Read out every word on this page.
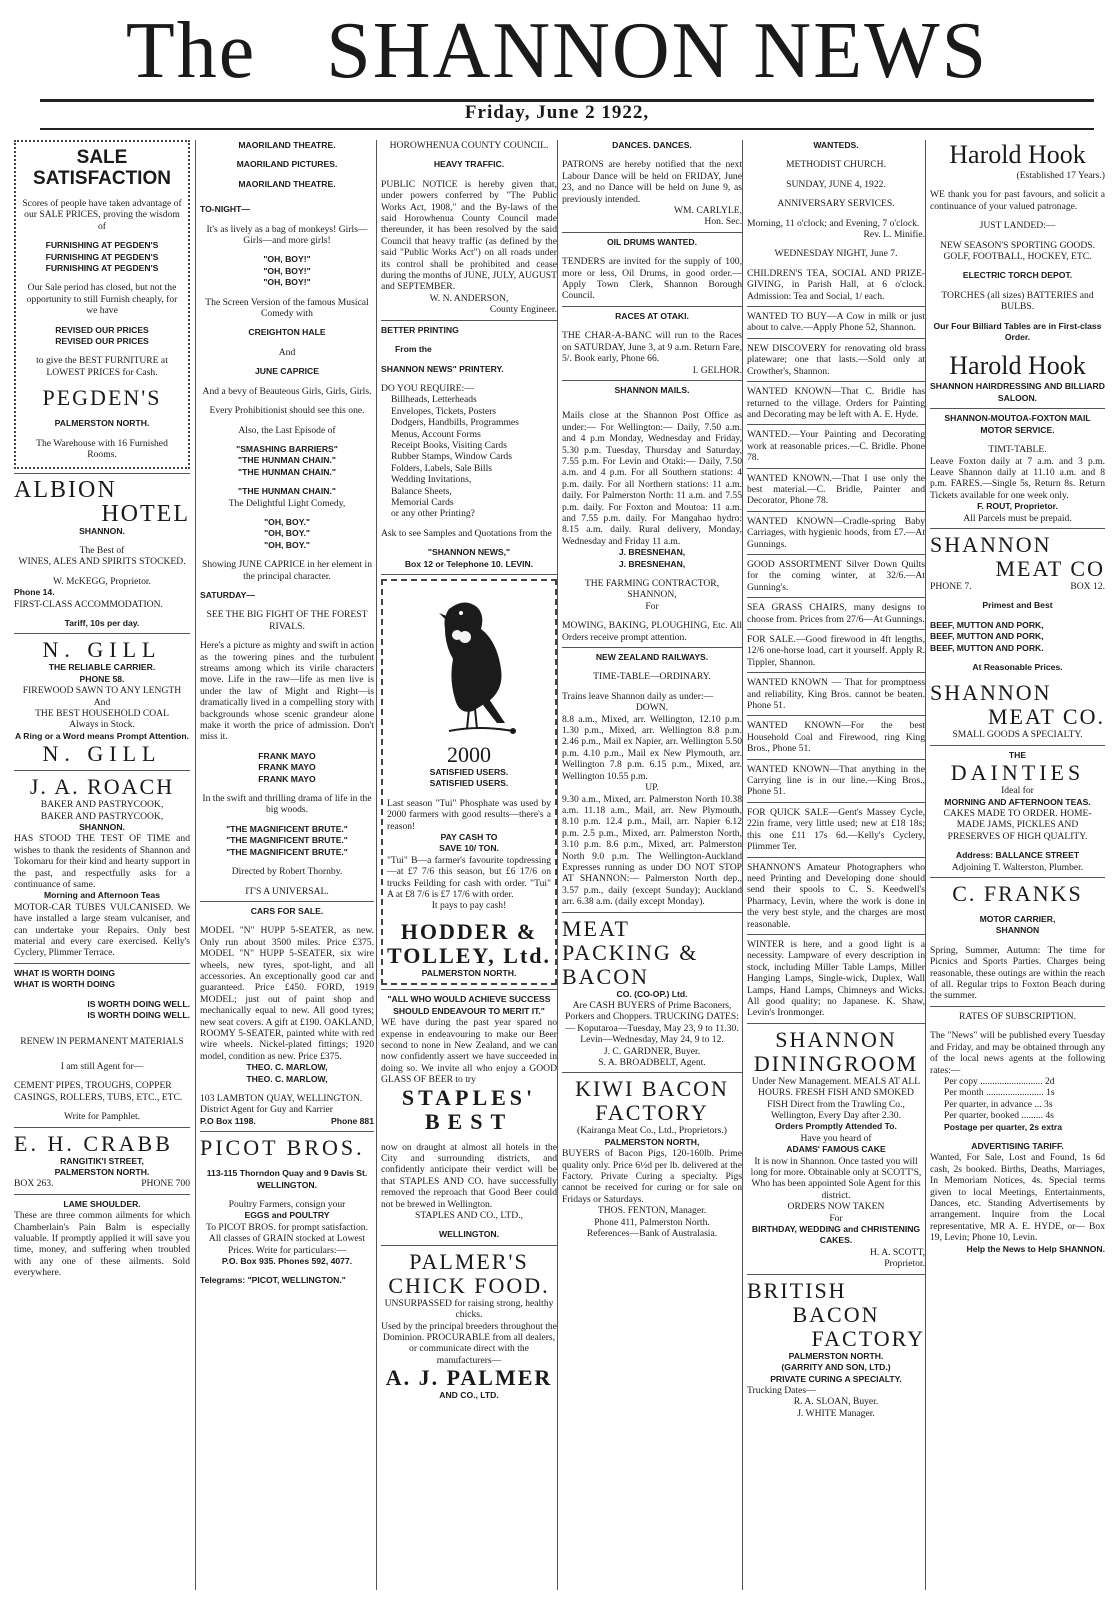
The SHANNON NEWS
Friday, June 2 1922,

SALE

SATISFACTION

Scores of people have taken advantage of our SALE PRICES, proving the wisdom of

FURNISHING AT PEGDEN'S

FURNISHING AT PEGDEN'S

FURNISHING AT PEGDEN'S

Our Sale period has closed, but not the opportunity to still Furnish cheaply, for we have

REVISED OUR PRICES

REVISED OUR PRICES

to give the BEST FURNITURE at LOWEST PRICES for Cash.

PEGDEN'S

PALMERSTON NORTH.

The Warehouse with 16 Furnished Rooms.

ALBION

HOTEL

SHANNON.

The Best of

WINES, ALES AND SPIRITS STOCKED.

W. McKEGG, Proprietor.

Phone 14.

FIRST-CLASS ACCOMMODATION.

Tariff, 10s per day.

N. GILL

THE RELIABLE CARRIER.

PHONE 58.

FIREWOOD SAWN TO ANY LENGTH

And

THE BEST HOUSEHOLD COAL

Always in Stock.

A Ring or a Word means Prompt Attention.

N. GILL

J. A. ROACH

BAKER AND PASTRYCOOK,

BAKER AND PASTRYCOOK,

SHANNON.

HAS STOOD THE TEST OF TIME and wishes to thank the residents of Shannon and Tokomaru for their kind and hearty support in the past, and respectfully asks for a continuance of same.

Morning and Afternoon Teas

MOTOR-CAR TUBES VULCANISED. We have installed a large steam vulcaniser, and can undertake your Repairs. Only best material and every care exercised. Kelly's Cyclery, Plimmer Terrace.

WHAT IS WORTH DOING

WHAT IS WORTH DOING

IS WORTH DOING WELL.

IS WORTH DOING WELL.

RENEW IN PERMANENT MATERIALS

I am still Agent for—

CEMENT PIPES, TROUGHS, COPPER CASINGS, ROLLERS, TUBS, ETC., ETC.

Write for Pamphlet.

E. H. CRABB

RANGITIK'I STREET,

PALMERSTON NORTH.

BOX 263.	PHONE 700

LAME SHOULDER.

These are three common ailments for which Chamberlain's Pain Balm is especially valuable. If promptly applied it will save you time, money, and suffering when troubled with any one of these ailments. Sold everywhere.

MAORILAND THEATRE.

MAORILAND PICTURES.

MAORILAND THEATRE.

TO-NIGHT—

It's as lively as a bag of monkeys! Girls—Girls—and more girls!

"OH, BOY!"

"OH, BOY!"

"OH, BOY!"

The Screen Version of the famous Musical Comedy with

CREIGHTON HALE

And

JUNE CAPRICE

And a bevy of Beauteous Girls, Girls, Girls.

Every Prohibitionist should see this one.

Also, the Last Episode of

"SMASHING BARRIERS"

"THE HUNMAN CHAIN."

"THE HUNMAN CHAIN."

"THE HUNMAN CHAIN."

The Delightful Light Comedy,

"OH, BOY."

"OH, BOY."

"OH, BOY."

Showing JUNE CAPRICE in her element in the principal character.

SATURDAY—

SEE THE BIG FIGHT OF THE FOREST RIVALS.

Here's a picture as mighty and swift in action as the towering pines and the turbulent streams among which its virile characters move. Life in the raw—life as men live is under the law of Might and Right—is dramatically lived in a compelling story with backgrounds whose scenic grandeur alone make it worth the price of admission. Don't miss it.

FRANK MAYO

FRANK MAYO

FRANK MAYO

In the swift and thrilling drama of life in the big woods.

"THE MAGNIFICENT BRUTE."

"THE MAGNIFICENT BRUTE."

"THE MAGNIFICENT BRUTE."

Directed by Robert Thornby.

IT'S A UNIVERSAL.

CARS FOR SALE.

MODEL "N" HUPP 5-SEATER, as new. Only run about 3500 miles. Price £375. MODEL "N" HUPP 5-SEATER, six wire wheels, new tyres, spot-light, and all accessories. An exceptionally good car and guaranteed. Price £450. FORD, 1919 MODEL; just out of paint shop and mechanically equal to new. All good tyres; new seat covers. A gift at £190. OAKLAND, ROOMY 5-SEATER, painted white with red wire wheels. Nickel-plated fittings; 1920 model, condition as new. Price £375.

THEO. C. MARLOW,

THEO. C. MARLOW,

103 LAMBTON QUAY, WELLINGTON. District Agent for Guy and Karrier

P.O Box 1198.	Phone 881

PICOT BROS.

113-115 Thorndon Quay and 9 Davis St. WELLINGTON.

Poultry Farmers, consign your

EGGS and POULTRY

To PICOT BROS. for prompt satisfaction. All classes of GRAIN stocked at Lowest Prices. Write for particulars:—

P.O. Box 935. Phones 592, 4077.

Telegrams: "PICOT, WELLINGTON."

HOROWHENUA COUNTY COUNCIL.

HEAVY TRAFFIC.

PUBLIC NOTICE is hereby given that, under powers conferred by "The Public Works Act, 1908," and the By-laws of the said Horowhenua County Council made thereunder, it has been resolved by the said Council that heavy traffic (as defined by the said "Public Works Act") on all roads under its control shall be prohibited and cease during the months of JUNE, JULY, AUGUST and SEPTEMBER.

W. N. ANDERSON,

County Engineer.

BETTER PRINTING

From the

SHANNON NEWS" PRINTERY.

DO YOU REQUIRE:—

Billheads, Letterheads

Envelopes, Tickets, Posters

Dodgers, Handbills, Programmes

Menus, Account Forms

Receipt Books, Visiting Cards

Rubber Stamps, Window Cards

Folders, Labels, Sale Bills

Wedding Invitations,

Balance Sheets,

Memorial Cards

or any other Printing?

Ask to see Samples and Quotations from the

"SHANNON NEWS,"

Box 12 or Telephone 10. LEVIN.

2000

SATISFIED USERS.

SATISFIED USERS.

Last season "Tui" Phosphate was used by 2000 farmers with good results—there's a reason!

PAY CASH TO

SAVE 10/ TON.

"Tui" B—a farmer's favourite topdressing—at £7 7/6 this season, but £6 17/6 on trucks Feilding for cash with order. "Tui" A at £8 7/6 is £7 17/6 with order.

It pays to pay cash!

HODDER &

TOLLEY, Ltd.

PALMERSTON NORTH.

"ALL WHO WOULD ACHIEVE SUCCESS SHOULD ENDEAVOUR TO MERIT IT."

WE have during the past year spared no expense in endeavouring to make our Beer second to none in New Zealand, and we can now confidently assert we have succeeded in doing so. We invite all who enjoy a GOOD GLASS OF BEER to try

STAPLES'

BEST

now on draught at almost all hotels in the City and surrounding districts, and confidently anticipate their verdict will be that STAPLES AND CO. have successfully removed the reproach that Good Beer could not be brewed in Wellington.

STAPLES AND CO., LTD.,

WELLINGTON.

PALMER'S

CHICK FOOD.

UNSURPASSED for raising strong, healthy chicks.

Used by the principal breeders throughout the Dominion. PROCURABLE from all dealers, or communicate direct with the manufacturers—

A. J. PALMER

AND CO., LTD.

DANCES. DANCES.

PATRONS are hereby notified that the next Labour Dance will be held on FRIDAY, June 23, and no Dance will be held on June 9, as previously intended.

WM. CARLYLE,

Hon. Sec.

OIL DRUMS WANTED.

TENDERS are invited for the supply of 100, more or less, Oil Drums, in good order.—Apply Town Clerk, Shannon Borough Council.

RACES AT OTAKI.

THE CHAR-A-BANC will run to the Races on SATURDAY, June 3, at 9 a.m. Return Fare, 5/. Book early, Phone 66.

I. GELHOR.

SHANNON MAILS.

Mails close at the Shannon Post Office as under:— For Wellington:— Daily, 7.50 a.m. and 4 p.m Monday, Wednesday and Friday, 5.30 p.m. Tuesday, Thursday and Saturday, 7.55 p.m. For Levin and Otaki:— Daily, 7.50 a.m. and 4 p.m. For all Southern stations: 4 p.m. daily. For all Northern stations: 11 a.m. daily. For Palmerston North: 11 a.m. and 7.55 p.m. daily. For Foxton and Moutoa: 11 a.m. and 7.55 p.m. daily. For Mangahao hydro: 8.15 a.m. daily. Rural delivery, Monday, Wednesday and Friday 11 a.m.

J. BRESNEHAN,

J. BRESNEHAN,

THE FARMING CONTRACTOR, SHANNON,

For

MOWING, BAKING, PLOUGHING, Etc. All Orders receive prompt attention.

NEW ZEALAND RAILWAYS.

TIME-TABLE—ORDINARY.

Trains leave Shannon daily as under:—

DOWN.

8.8 a.m., Mixed, arr. Wellington, 12.10 p.m. 1.30 p.m., Mixed, arr. Wellington 8.8 p.m. 2.46 p.m., Mail ex Napier, arr. Wellington 5.50 p.m. 4.10 p.m., Mail ex New Plymouth, arr. Wellington 7.8 p.m. 6.15 p.m., Mixed, arr. Wellington 10.55 p.m.

UP.

9.30 a.m., Mixed, arr. Palmerston North 10.38 a.m. 11.18 a.m., Mail, arr. New Plymouth, 8.10 p.m. 12.4 p.m., Mail, arr. Napier 6.12 p.m. 2.5 p.m., Mixed, arr. Palmerston North, 3.10 p.m. 8.6 p.m., Mixed, arr. Palmerston North 9.0 p.m. The Wellington-Auckland Expresses running as under DO NOT STOP AT SHANNON:— Palmerston North dep., 3.57 p.m., daily (except Sunday); Auckland arr. 6.38 a.m. (daily except Monday).

MEAT PACKING & BACON

CO. (CO-OP.) Ltd.

Are CASH BUYERS of Prime Baconers, Porkers and Choppers. TRUCKING DATES:— Koputaroa—Tuesday, May 23, 9 to 11.30. Levin—Wednesday, May 24, 9 to 12.

J. C. GARDNER, Buyer.

S. A. BROADBELT, Agent.

KIWI BACON

FACTORY

(Kairanga Meat Co., Ltd., Proprietors.)

PALMERSTON NORTH,

BUYERS of Bacon Pigs, 120-160lb. Prime quality only. Price 6½d per lb. delivered at the Factory. Private Curing a specialty. Pigs cannot be received for curing or for sale on Fridays or Saturdays.

THOS. FENTON, Manager.

Phone 411, Palmerston North.

References—Bank of Australasia.

WANTEDS.

METHODIST CHURCH.

SUNDAY, JUNE 4, 1922.

ANNIVERSARY SERVICES.

Morning, 11 o'clock; and Evening, 7 o'clock.

Rev. L. Minifie.

WEDNESDAY NIGHT, June 7.

CHILDREN'S TEA, SOCIAL AND PRIZE-GIVING, in Parish Hall, at 6 o'clock. Admission: Tea and Social, 1/ each.

WANTED TO BUY—A Cow in milk or just about to calve.—Apply Phone 52, Shannon.

NEW DISCOVERY for renovating old brass plateware; one that lasts.—Sold only at Crowther's, Shannon.

WANTED KNOWN—That C. Bridle has returned to the village. Orders for Painting and Decorating may be left with A. E. Hyde.

WANTED.—Your Painting and Decorating work at reasonable prices.—C. Bridle. Phone 78.

WANTED KNOWN.—That I use only the best material.—C. Bridle, Painter and Decorator, Phone 78.

WANTED KNOWN—Cradle-spring Baby Carriages, with hygienic hoods, from £7.—At Gunnings.

GOOD ASSORTMENT Silver Down Quilts for the coming winter, at 32/6.—At Gunning's.

SEA GRASS CHAIRS, many designs to choose from. Prices from 27/6—At Gunnings.

FOR SALE.—Good firewood in 4ft lengths, 12/6 one-horse load, cart it yourself. Apply R. Tippler, Shannon.

WANTED KNOWN — That for promptness and reliability, King Bros. cannot be beaten. Phone 51.

WANTED KNOWN—For the best Household Coal and Firewood, ring King Bros., Phone 51.

WANTED KNOWN—That anything in the Carrying line is in our line.—King Bros., Phone 51.

FOR QUICK SALE—Gent's Massey Cycle, 22in frame, very little used; new at £18 18s; this one £11 17s 6d.—Kelly's Cyclery, Plimmer Ter.

SHANNON'S Amateur Photographers who need Printing and Developing done should send their spools to C. S. Keedwell's Pharmacy, Levin, where the work is done in the very best style, and the charges are most reasonable.

WINTER is here, and a good light is a necessity. Lampware of every description in stock, including Miller Table Lamps, Miller Hanging Lamps, Single-wick, Duplex, Wall Lamps, Hand Lamps, Chimneys and Wicks. All good quality; no Japanese. K. Shaw, Levin's Ironmonger.

SHANNON

DININGROOM

Under New Management. MEALS AT ALL HOURS. FRESH FISH AND SMOKED FISH Direct from the Trawling Co., Wellington, Every Day after 2.30.

Orders Promptly Attended To.

Have you heard of

ADAMS' FAMOUS CAKE

It is now in Shannon. Once tasted you will long for more. Obtainable only at SCOTT'S, Who has been appointed Sole Agent for this district.

ORDERS NOW TAKEN

For

BIRTHDAY, WEDDING and CHRISTENING CAKES.

H. A. SCOTT,

Proprietor.

BRITISH

BACON

FACTORY

PALMERSTON NORTH.

(GARRITY AND SON, LTD.)

PRIVATE CURING A SPECIALTY.

Trucking Dates—

R. A. SLOAN, Buyer.

J. WHITE Manager.

Harold Hook

(Established 17 Years.)

WE thank you for past favours, and solicit a continuance of your valued patronage.

JUST LANDED:—

NEW SEASON'S SPORTING GOODS. GOLF, FOOTBALL, HOCKEY, ETC.

ELECTRIC TORCH DEPOT.

TORCHES (all sizes) BATTERIES and BULBS.

Our Four Billiard Tables are in First-class Order.

Harold Hook

SHANNON HAIRDRESSING AND BILLIARD SALOON.

SHANNON-MOUTOA-FOXTON MAIL MOTOR SERVICE.

TIMT-TABLE.

Leave Foxton daily at 7 a.m. and 3 p.m. Leave Shannon daily at 11.10 a.m. and 8 p.m. FARES.—Single 5s, Return 8s. Return Tickets available for one week only.

F. ROUT, Proprietor.

All Parcels must be prepaid.

SHANNON

MEAT CO

PHONE 7.	BOX 12.

Primest and Best

BEEF, MUTTON AND PORK,

BEEF, MUTTON AND PORK,

BEEF, MUTTON AND PORK.

At Reasonable Prices.

SHANNON

MEAT CO.

SMALL GOODS A SPECIALTY.

THE

DAINTIES

Ideal for

MORNING AND AFTERNOON TEAS.

CAKES MADE TO ORDER. HOME-MADE JAMS, PICKLES AND PRESERVES OF HIGH QUALITY.

Address: BALLANCE STREET

Adjoining T. Walterston, Plumber.

C. FRANKS

MOTOR CARRIER,

SHANNON

Spring, Summer, Autumn: The time for Picnics and Sports Parties. Charges being reasonable, these outings are within the reach of all. Regular trips to Foxton Beach during the summer.

RATES OF SUBSCRIPTION.

The "News" will be published every Tuesday and Friday, and may be obtained through any of the local news agents at the following rates:—

Per copy .......................... 2d

Per month ........................ 1s

Per quarter, in advance ... 3s

Per quarter, booked ......... 4s

Postage per quarter, 2s extra

ADVERTISING TARIFF.

Wanted, For Sale, Lost and Found, 1s 6d cash, 2s booked. Births, Deaths, Marriages, In Memoriam Notices, 4s. Special terms given to local Meetings, Entertainments, Dances, etc. Standing Advertisements by arrangement. Inquire from the Local representative, MR A. E. HYDE, or— Box 19, Levin; Phone 10, Levin.

Help the News to Help SHANNON.
